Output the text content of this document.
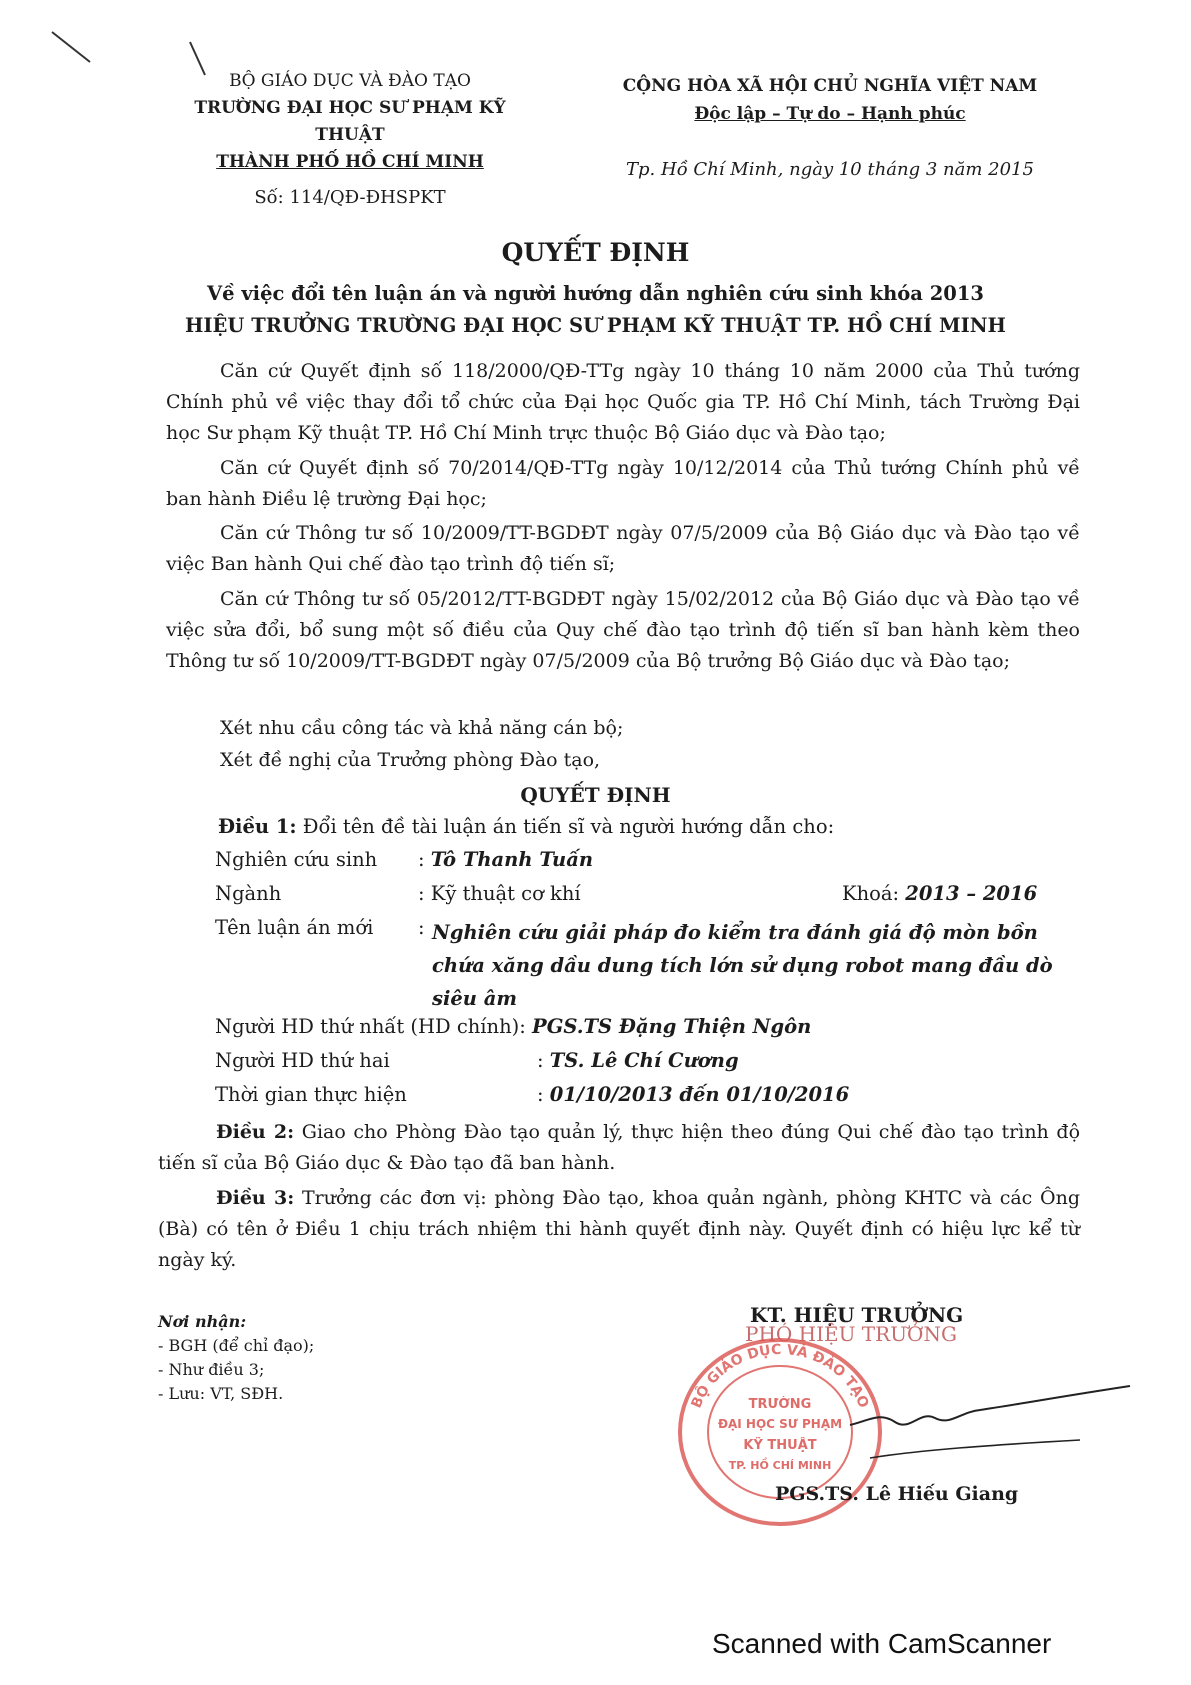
BỘ GIÁO DỤC VÀ ĐÀO TẠO
TRƯỜNG ĐẠI HỌC SƯ PHẠM KỸ THUẬT
THÀNH PHỐ HỒ CHÍ MINH
Số: 114/QĐ-ĐHSPKT
CỘNG HÒA XÃ HỘI CHỦ NGHĨA VIỆT NAM
Độc lập – Tự do – Hạnh phúc
Tp. Hồ Chí Minh, ngày 10 tháng 3 năm 2015
QUYẾT ĐỊNH
Về việc đổi tên luận án và người hướng dẫn nghiên cứu sinh khóa 2013
HIỆU TRƯỞNG TRƯỜNG ĐẠI HỌC SƯ PHẠM KỸ THUẬT TP. HỒ CHÍ MINH
Căn cứ Quyết định số 118/2000/QĐ-TTg ngày 10 tháng 10 năm 2000 của Thủ tướng Chính phủ về việc thay đổi tổ chức của Đại học Quốc gia TP. Hồ Chí Minh, tách Trường Đại học Sư phạm Kỹ thuật TP. Hồ Chí Minh trực thuộc Bộ Giáo dục và Đào tạo;
Căn cứ Quyết định số 70/2014/QĐ-TTg ngày 10/12/2014 của Thủ tướng Chính phủ về ban hành Điều lệ trường Đại học;
Căn cứ Thông tư số 10/2009/TT-BGDĐT ngày 07/5/2009 của Bộ Giáo dục và Đào tạo về việc Ban hành Qui chế đào tạo trình độ tiến sĩ;
Căn cứ Thông tư số 05/2012/TT-BGDĐT ngày 15/02/2012 của Bộ Giáo dục và Đào tạo về việc sửa đổi, bổ sung một số điều của Quy chế đào tạo trình độ tiến sĩ ban hành kèm theo Thông tư số 10/2009/TT-BGDĐT ngày 07/5/2009 của Bộ trưởng Bộ Giáo dục và Đào tạo;
Xét nhu cầu công tác và khả năng cán bộ;
Xét đề nghị của Trưởng phòng Đào tạo,
QUYẾT ĐỊNH
Điều 1: Đổi tên đề tài luận án tiến sĩ và người hướng dẫn cho:
Nghiên cứu sinh : Tô Thanh Tuấn
Ngành	: Kỹ thuật cơ khí	Khoá: 2013 – 2016
Tên luận án mới : Nghiên cứu giải pháp đo kiểm tra đánh giá độ mòn bồn chứa xăng dầu dung tích lớn sử dụng robot mang đầu dò siêu âm
Người HD thứ nhất (HD chính): PGS.TS Đặng Thiện Ngôn
Người HD thứ hai	: TS. Lê Chí Cương
Thời gian thực hiện	: 01/10/2013 đến 01/10/2016
Điều 2: Giao cho Phòng Đào tạo quản lý, thực hiện theo đúng Qui chế đào tạo trình độ tiến sĩ của Bộ Giáo dục & Đào tạo đã ban hành.
Điều 3: Trưởng các đơn vị: phòng Đào tạo, khoa quản ngành, phòng KHTC và các Ông (Bà) có tên ở Điều 1 chịu trách nhiệm thi hành quyết định này. Quyết định có hiệu lực kể từ ngày ký.
Nơi nhận:
- BGH (để chỉ đạo);
- Như điều 3;
- Lưu: VT, SĐH.
KT. HIỆU TRƯỞNG
PHÓ HIỆU TRƯỞNG
BỘ GIÁO DỤC VÀ ĐÀO TẠO
TRƯỜNG
ĐẠI HỌC SƯ PHẠM
KỸ THUẬT
TP. HỒ CHÍ MINH
PGS.TS. Lê Hiếu Giang
Scanned with CamScanner
